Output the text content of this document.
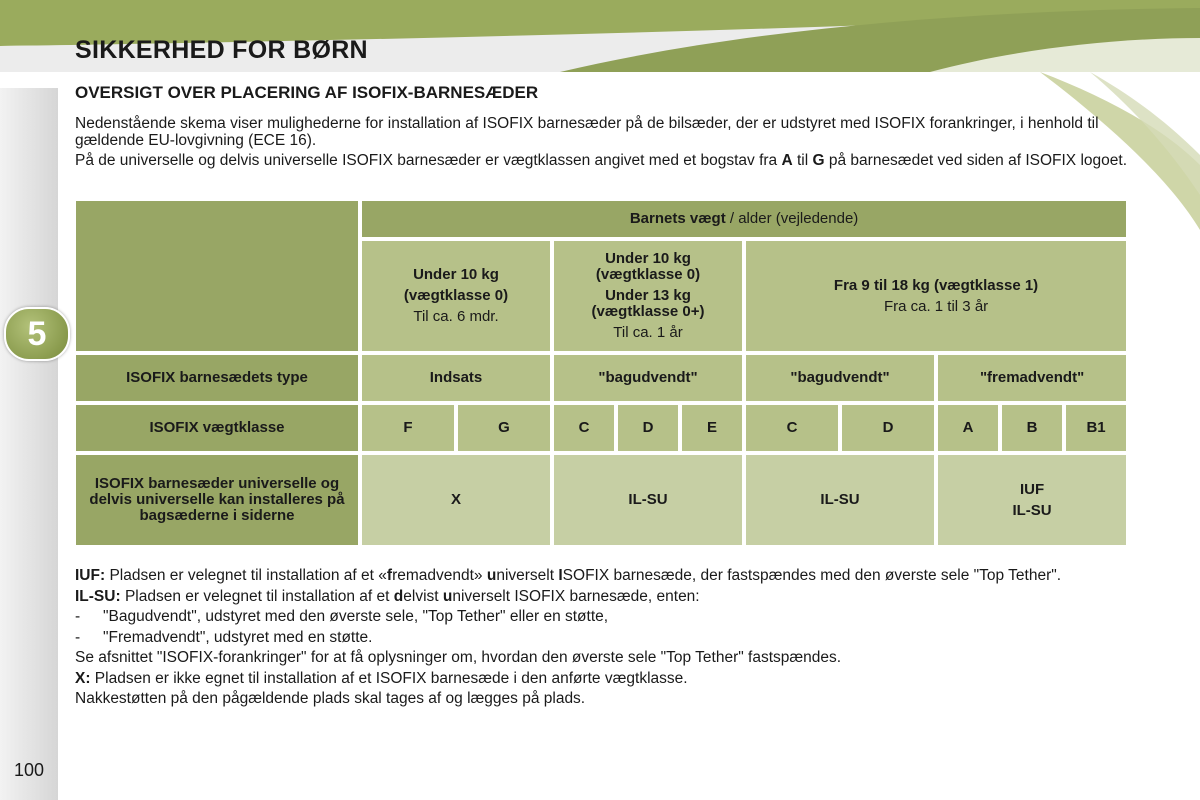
5
SIKKERHED FOR BØRN
OVERSIGT OVER PLACERING AF ISOFIX-BARNESÆDER

Nedenstående skema viser mulighederne for installation af ISOFIX barnesæder på de bilsæder, der er udstyret med ISOFIX forankringer, i henhold til gældende EU-lovgivning (ECE 16).

På de universelle og delvis universelle ISOFIX barnesæder er vægtklassen angivet med et bogstav fra A til G på barnesædet ved siden af ISOFIX logoet.

	Barnets vægt / alder (vejledende)									

	Under 10 kg
(vægtklasse 0)
Til ca. 6 mdr.		Under 10 kg
(vægtklasse 0)
Under 13 kg
(vægtklasse 0+)
Til ca. 1 år			Fra 9 til 18 kg (vægtklasse 1)
Fra ca. 1 til 3 år				

ISOFIX barnesædets type	Indsats		"bagudvendt"			"bagudvendt"		"fremadvendt"		
ISOFIX vægtklasse	F	G	C	D	E	C	D	A	B	B1
ISOFIX barnesæder universelle og delvis universelle kan installeres på bagsæderne i siderne	X		IL-SU			IL-SU		IUF
IL-SU		

IUF: Pladsen er velegnet til installation af et «fremadvendt» universelt ISOFIX barnesæde, der fastspændes med den øverste sele "Top Tether".

IL-SU: Pladsen er velegnet til installation af et delvist universelt ISOFIX barnesæde, enten:

- "Bagudvendt", udstyret med den øverste sele, "Top Tether" eller en støtte,

- "Fremadvendt", udstyret med en støtte.

Se afsnittet "ISOFIX-forankringer" for at få oplysninger om, hvordan den øverste sele "Top Tether" fastspændes.

X: Pladsen er ikke egnet til installation af et ISOFIX barnesæde i den anførte vægtklasse.

Nakkestøtten på den pågældende plads skal tages af og lægges på plads.

100
